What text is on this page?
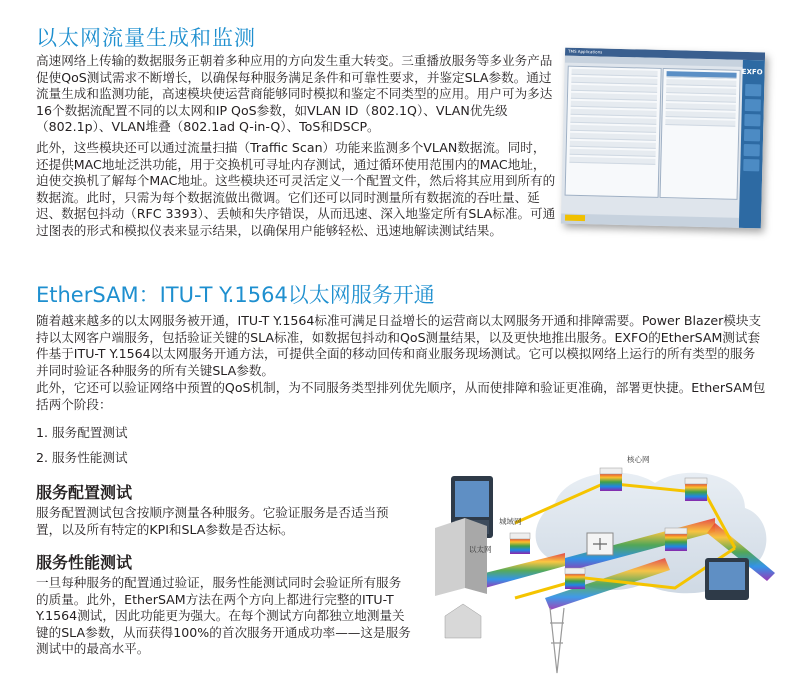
以太网流量生成和监测

高速网络上传输的数据服务正朝着多种应用的方向发生重大转变。三重播放服务等多业务产品促使QoS测试需求不断增长，以确保每种服务满足条件和可靠性要求，并鉴定SLA参数。通过流量生成和监测功能，高速模块使运营商能够同时模拟和鉴定不同类型的应用。用户可为多达16个数据流配置不同的以太网和IP QoS参数，如VLAN ID（802.1Q）、VLAN优先级（802.1p）、VLAN堆叠（802.1ad Q-in-Q）、ToS和DSCP。

此外，这些模块还可以通过流量扫描（Traffic Scan）功能来监测多个VLAN数据流。同时，还提供MAC地址泛洪功能，用于交换机可寻址内存测试，通过循环使用范围内的MAC地址，迫使交换机了解每个MAC地址。这些模块还可灵活定义一个配置文件，然后将其应用到所有的数据流。此时，只需为每个数据流做出微调。它们还可以同时测量所有数据流的吞吐量、延迟、数据包抖动（RFC 3393）、丢帧和失序错误，从而迅速、深入地鉴定所有SLA标准。可通过图表的形式和模拟仪表来显示结果，以确保用户能够轻松、迅速地解读测试结果。

TMS Applications
EXFO
EtherSAM：ITU-T Y.1564以太网服务开通

随着越来越多的以太网服务被开通，ITU-T Y.1564标准可满足日益增长的运营商以太网服务开通和排障需要。Power Blazer模块支持以太网客户端服务，包括验证关键的SLA标准，如数据包抖动和QoS测量结果，以及更快地推出服务。EXFO的EtherSAM测试套件基于ITU-T Y.1564以太网服务开通方法，可提供全面的移动回传和商业服务现场测试。它可以模拟网络上运行的所有类型的服务并同时验证各种服务的所有关键SLA参数。

此外，它还可以验证网络中预置的QoS机制，为不同服务类型排列优先顺序，从而使排障和验证更准确，部署更快捷。EtherSAM包括两个阶段：

1. 服务配置测试

2. 服务性能测试

服务配置测试

服务配置测试包含按顺序测量各种服务。它验证服务是否适当预置，以及所有特定的KPI和SLA参数是否达标。

服务性能测试

一旦每种服务的配置通过验证，服务性能测试同时会验证所有服务的质量。此外，EtherSAM方法在两个方向上都进行完整的ITU-T Y.1564测试，因此功能更为强大。在每个测试方向都独立地测量关键的SLA参数，从而获得100%的首次服务开通成功率——这是服务测试中的最高水平。

核心网
城域网
以太网
